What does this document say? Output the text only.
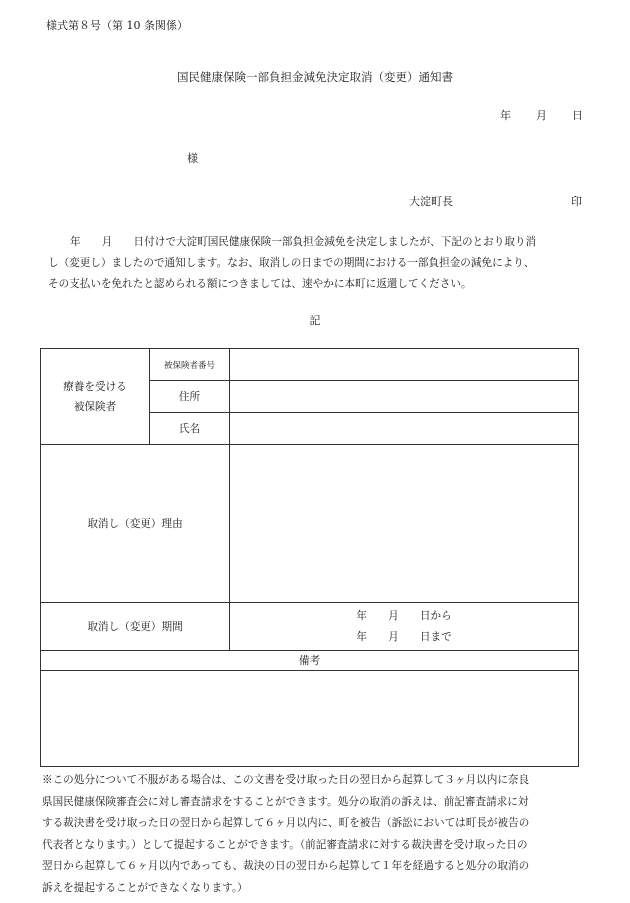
様式第８号（第 10 条関係）
国民健康保険一部負担金減免決定取消（変更）通知書
年 月 日
様
大淀町長	印

年　　月　　日付けで大淀町国民健康保険一部負担金減免を決定しましたが、下記のとおり取り消

し（変更し）ましたので通知します。なお、取消しの日までの期間における一部負担金の減免により、

その支払いを免れたと認められる額につきましては、速やかに本町に返還してください。

記
療養を受ける
被保険者	被保険者番号	
	住所	
	氏名	
取消し（変更）理由		
取消し（変更）期間		年　　月　　日から
年　　月　　日まで

備考		

※この処分について不服がある場合は、この文書を受け取った日の翌日から起算して３ヶ月以内に奈良

県国民健康保険審査会に対し審査請求をすることができます。処分の取消の訴えは、前記審査請求に対

する裁決書を受け取った日の翌日から起算して６ヶ月以内に、町を被告（訴訟においては町長が被告の

代表者となります。）として提起することができます。（前記審査請求に対する裁決書を受け取った日の

翌日から起算して６ヶ月以内であっても、裁決の日の翌日から起算して１年を経過すると処分の取消の

訴えを提起することができなくなります。）
